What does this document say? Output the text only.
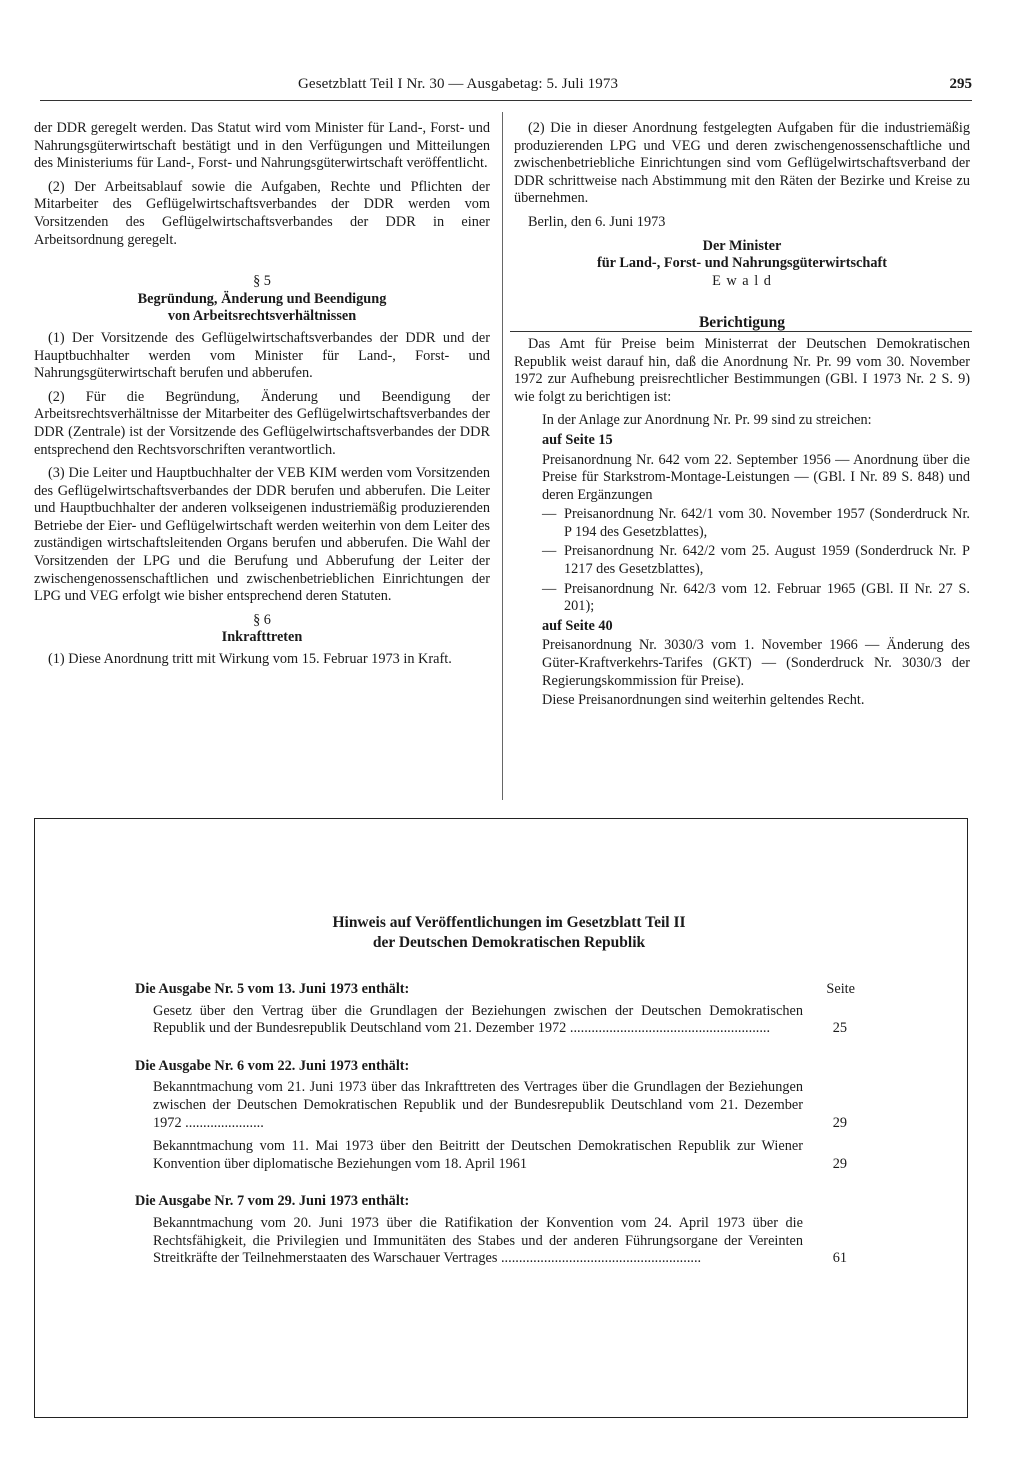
Gesetzblatt Teil I Nr. 30 — Ausgabetag: 5. Juli 1973	295

der DDR geregelt werden. Das Statut wird vom Minister für Land-, Forst- und Nahrungsgüterwirtschaft bestätigt und in den Verfügungen und Mitteilungen des Ministeriums für Land-, Forst- und Nahrungsgüterwirtschaft veröffentlicht.

(2) Der Arbeitsablauf sowie die Aufgaben, Rechte und Pflichten der Mitarbeiter des Geflügelwirtschaftsverbandes der DDR werden vom Vorsitzenden des Geflügelwirtschaftsverbandes der DDR in einer Arbeitsordnung geregelt.

§ 5

Begründung, Änderung und Beendigung

von Arbeitsrechtsverhältnissen

(1) Der Vorsitzende des Geflügelwirtschaftsverbandes der DDR und der Hauptbuchhalter werden vom Minister für Land-, Forst- und Nahrungsgüterwirtschaft berufen und abberufen.

(2) Für die Begründung, Änderung und Beendigung der Arbeitsrechtsverhältnisse der Mitarbeiter des Geflügelwirtschaftsverbandes der DDR (Zentrale) ist der Vorsitzende des Geflügelwirtschaftsverbandes der DDR entsprechend den Rechtsvorschriften verantwortlich.

(3) Die Leiter und Hauptbuchhalter der VEB KIM werden vom Vorsitzenden des Geflügelwirtschaftsverbandes der DDR berufen und abberufen. Die Leiter und Hauptbuchhalter der anderen volkseigenen industriemäßig produzierenden Betriebe der Eier- und Geflügelwirtschaft werden weiterhin von dem Leiter des zuständigen wirtschaftsleitenden Organs berufen und abberufen. Die Wahl der Vorsitzenden der LPG und die Berufung und Abberufung der Leiter der zwischengenossenschaftlichen und zwischenbetrieblichen Einrichtungen der LPG und VEG erfolgt wie bisher entsprechend deren Statuten.

§ 6

Inkrafttreten

(1) Diese Anordnung tritt mit Wirkung vom 15. Februar 1973 in Kraft.

(2) Die in dieser Anordnung festgelegten Aufgaben für die industriemäßig produzierenden LPG und VEG und deren zwischengenossenschaftliche und zwischenbetriebliche Einrichtungen sind vom Geflügelwirtschaftsverband der DDR schrittweise nach Abstimmung mit den Räten der Bezirke und Kreise zu übernehmen.

Berlin, den 6. Juni 1973

Der Minister

für Land-, Forst- und Nahrungsgüterwirtschaft

E w a l d

Berichtigung

Das Amt für Preise beim Ministerrat der Deutschen Demokratischen Republik weist darauf hin, daß die Anordnung Nr. Pr. 99 vom 30. November 1972 zur Aufhebung preisrechtlicher Bestimmungen (GBl. I 1973 Nr. 2 S. 9) wie folgt zu berichtigen ist:

In der Anlage zur Anordnung Nr. Pr. 99 sind zu streichen:

auf Seite 15

Preisanordnung Nr. 642 vom 22. September 1956 — Anordnung über die Preise für Starkstrom-Montage-Leistungen — (GBl. I Nr. 89 S. 848) und deren Ergänzungen

— Preisanordnung Nr. 642/1 vom 30. November 1957 (Sonderdruck Nr. P 194 des Gesetzblattes),
— Preisanordnung Nr. 642/2 vom 25. August 1959 (Sonderdruck Nr. P 1217 des Gesetzblattes),
— Preisanordnung Nr. 642/3 vom 12. Februar 1965 (GBl. II Nr. 27 S. 201);

auf Seite 40

Preisanordnung Nr. 3030/3 vom 1. November 1966 — Änderung des Güter-Kraftverkehrs-Tarifes (GKT) — (Sonderdruck Nr. 3030/3 der Regierungskommission für Preise).

Diese Preisanordnungen sind weiterhin geltendes Recht.

Hinweis auf Veröffentlichungen im Gesetzblatt Teil II
der Deutschen Demokratischen Republik
Die Ausgabe Nr. 5 vom 13. Juni 1973 enthält:	Seite
Gesetz über den Vertrag über die Grundlagen der Beziehungen zwischen der Deutschen Demokratischen Republik und der Bundesrepublik Deutschland vom 21. Dezember 1972 ........................................................	25
Die Ausgabe Nr. 6 vom 22. Juni 1973 enthält:
Bekanntmachung vom 21. Juni 1973 über das Inkrafttreten des Vertrages über die Grundlagen der Beziehungen zwischen der Deutschen Demokratischen Republik und der Bundesrepublik Deutschland vom 21. Dezember 1972 ......................	29
Bekanntmachung vom 11. Mai 1973 über den Beitritt der Deutschen Demokratischen Republik zur Wiener Konvention über diplomatische Beziehungen vom 18. April 1961	29
Die Ausgabe Nr. 7 vom 29. Juni 1973 enthält:
Bekanntmachung vom 20. Juni 1973 über die Ratifikation der Konvention vom 24. April 1973 über die Rechtsfähigkeit, die Privilegien und Immunitäten des Stabes und der anderen Führungsorgane der Vereinten Streitkräfte der Teilnehmerstaaten des Warschauer Vertrages ........................................................	61
